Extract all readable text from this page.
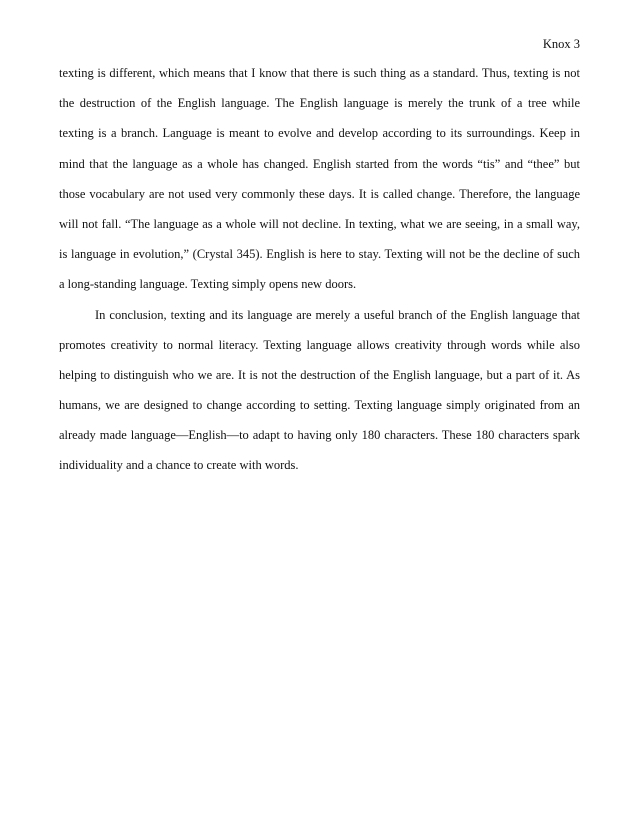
Knox 3
texting is different, which means that I know that there is such thing as a standard. Thus, texting is not
the destruction of the English language. The English language is merely the trunk of a tree while
texting is a branch. Language is meant to evolve and develop according to its surroundings. Keep in
mind that the language as a whole has changed. English started from the words “tis” and “thee” but
those vocabulary are not used very commonly these days. It is called change. Therefore, the language
will not fall. “The language as a whole will not decline. In texting, what we are seeing, in a small way,
is language in evolution,” (Crystal 345). English is here to stay. Texting will not be the decline of such
a long-standing language. Texting simply opens new doors.
In conclusion, texting and its language are merely a useful branch of the English language that
promotes creativity to normal literacy. Texting language allows creativity through words while also
helping to distinguish who we are. It is not the destruction of the English language, but a part of it. As
humans, we are designed to change according to setting. Texting language simply originated from an
already made language—English—to adapt to having only 180 characters. These 180 characters spark
individuality and a chance to create with words.
